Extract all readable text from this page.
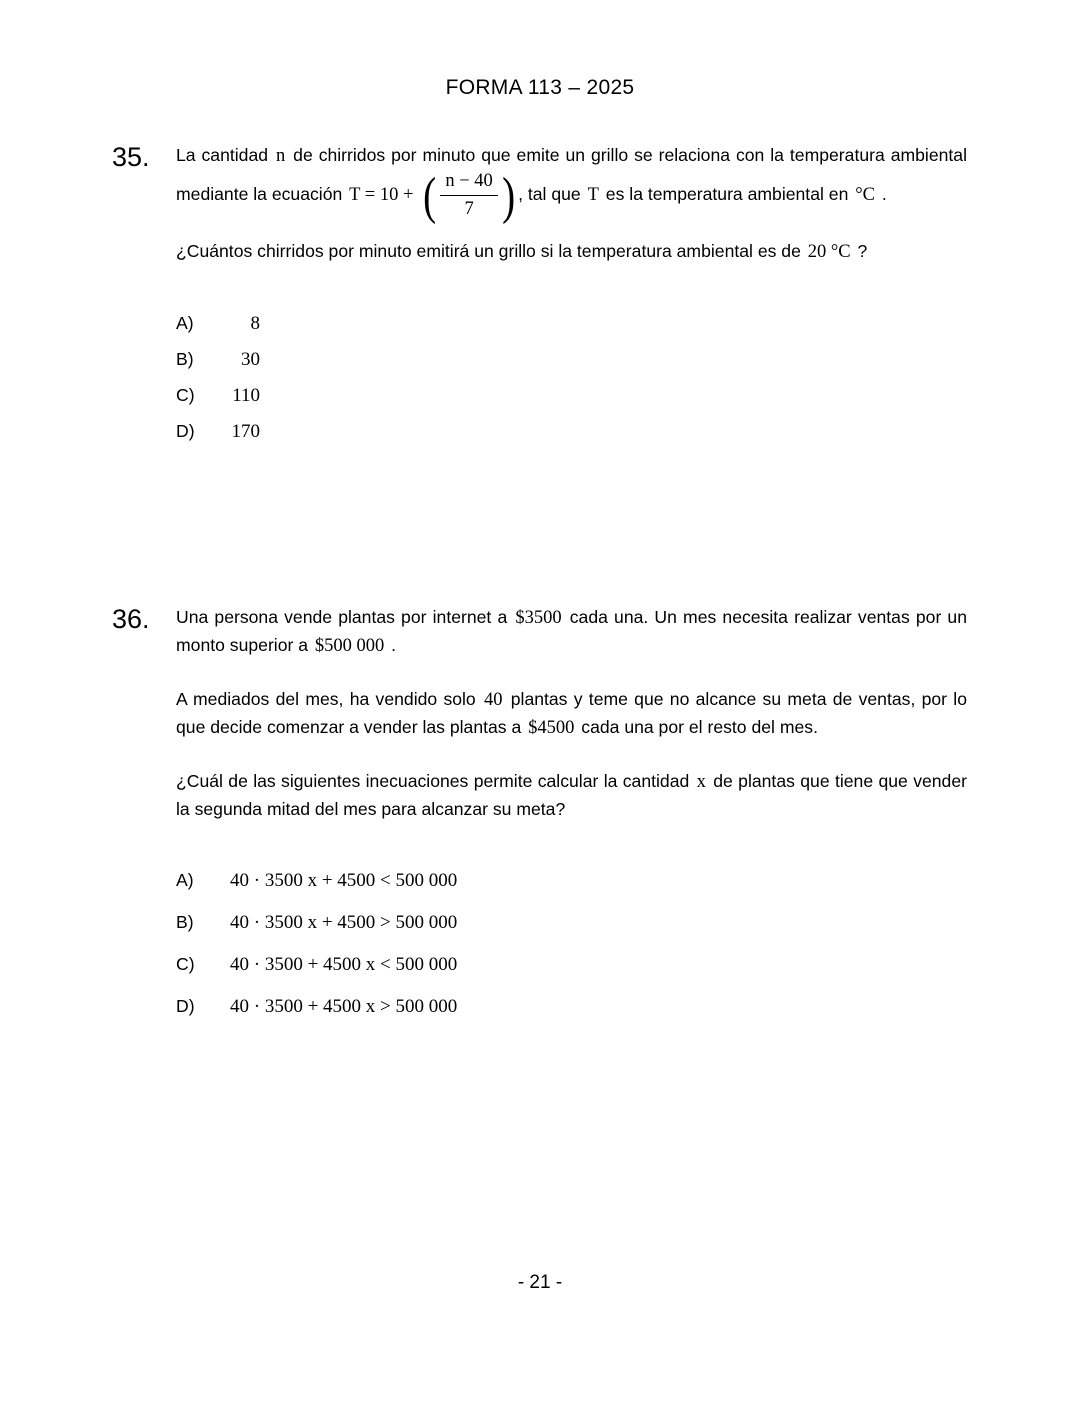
FORMA 113 – 2025
35.	La cantidad n de chirridos por minuto que emite un grillo se relaciona con la temperatura ambiental mediante la ecuación T = 10 + ( $\frac{n - 40}{7}$ ) , tal que T es la temperatura ambiental en °C .

¿Cuántos chirridos por minuto emitirá un grillo si la temperatura ambiental es de 20 °C ?

A)	8
B)	30
C)	110
D)	170
36.	Una persona vende plantas por internet a $3500 cada una. Un mes necesita realizar ventas por un monto superior a $500 000 .

A mediados del mes, ha vendido solo 40 plantas y teme que no alcance su meta de ventas, por lo que decide comenzar a vender las plantas a $4500 cada una por el resto del mes.

¿Cuál de las siguientes inecuaciones permite calcular la cantidad x de plantas que tiene que vender la segunda mitad del mes para alcanzar su meta?

A)	40 · 3500 x + 4500 < 500 000
B)	40 · 3500 x + 4500 > 500 000
C)	40 · 3500 + 4500 x < 500 000
D)	40 · 3500 + 4500 x > 500 000
- 21 -
